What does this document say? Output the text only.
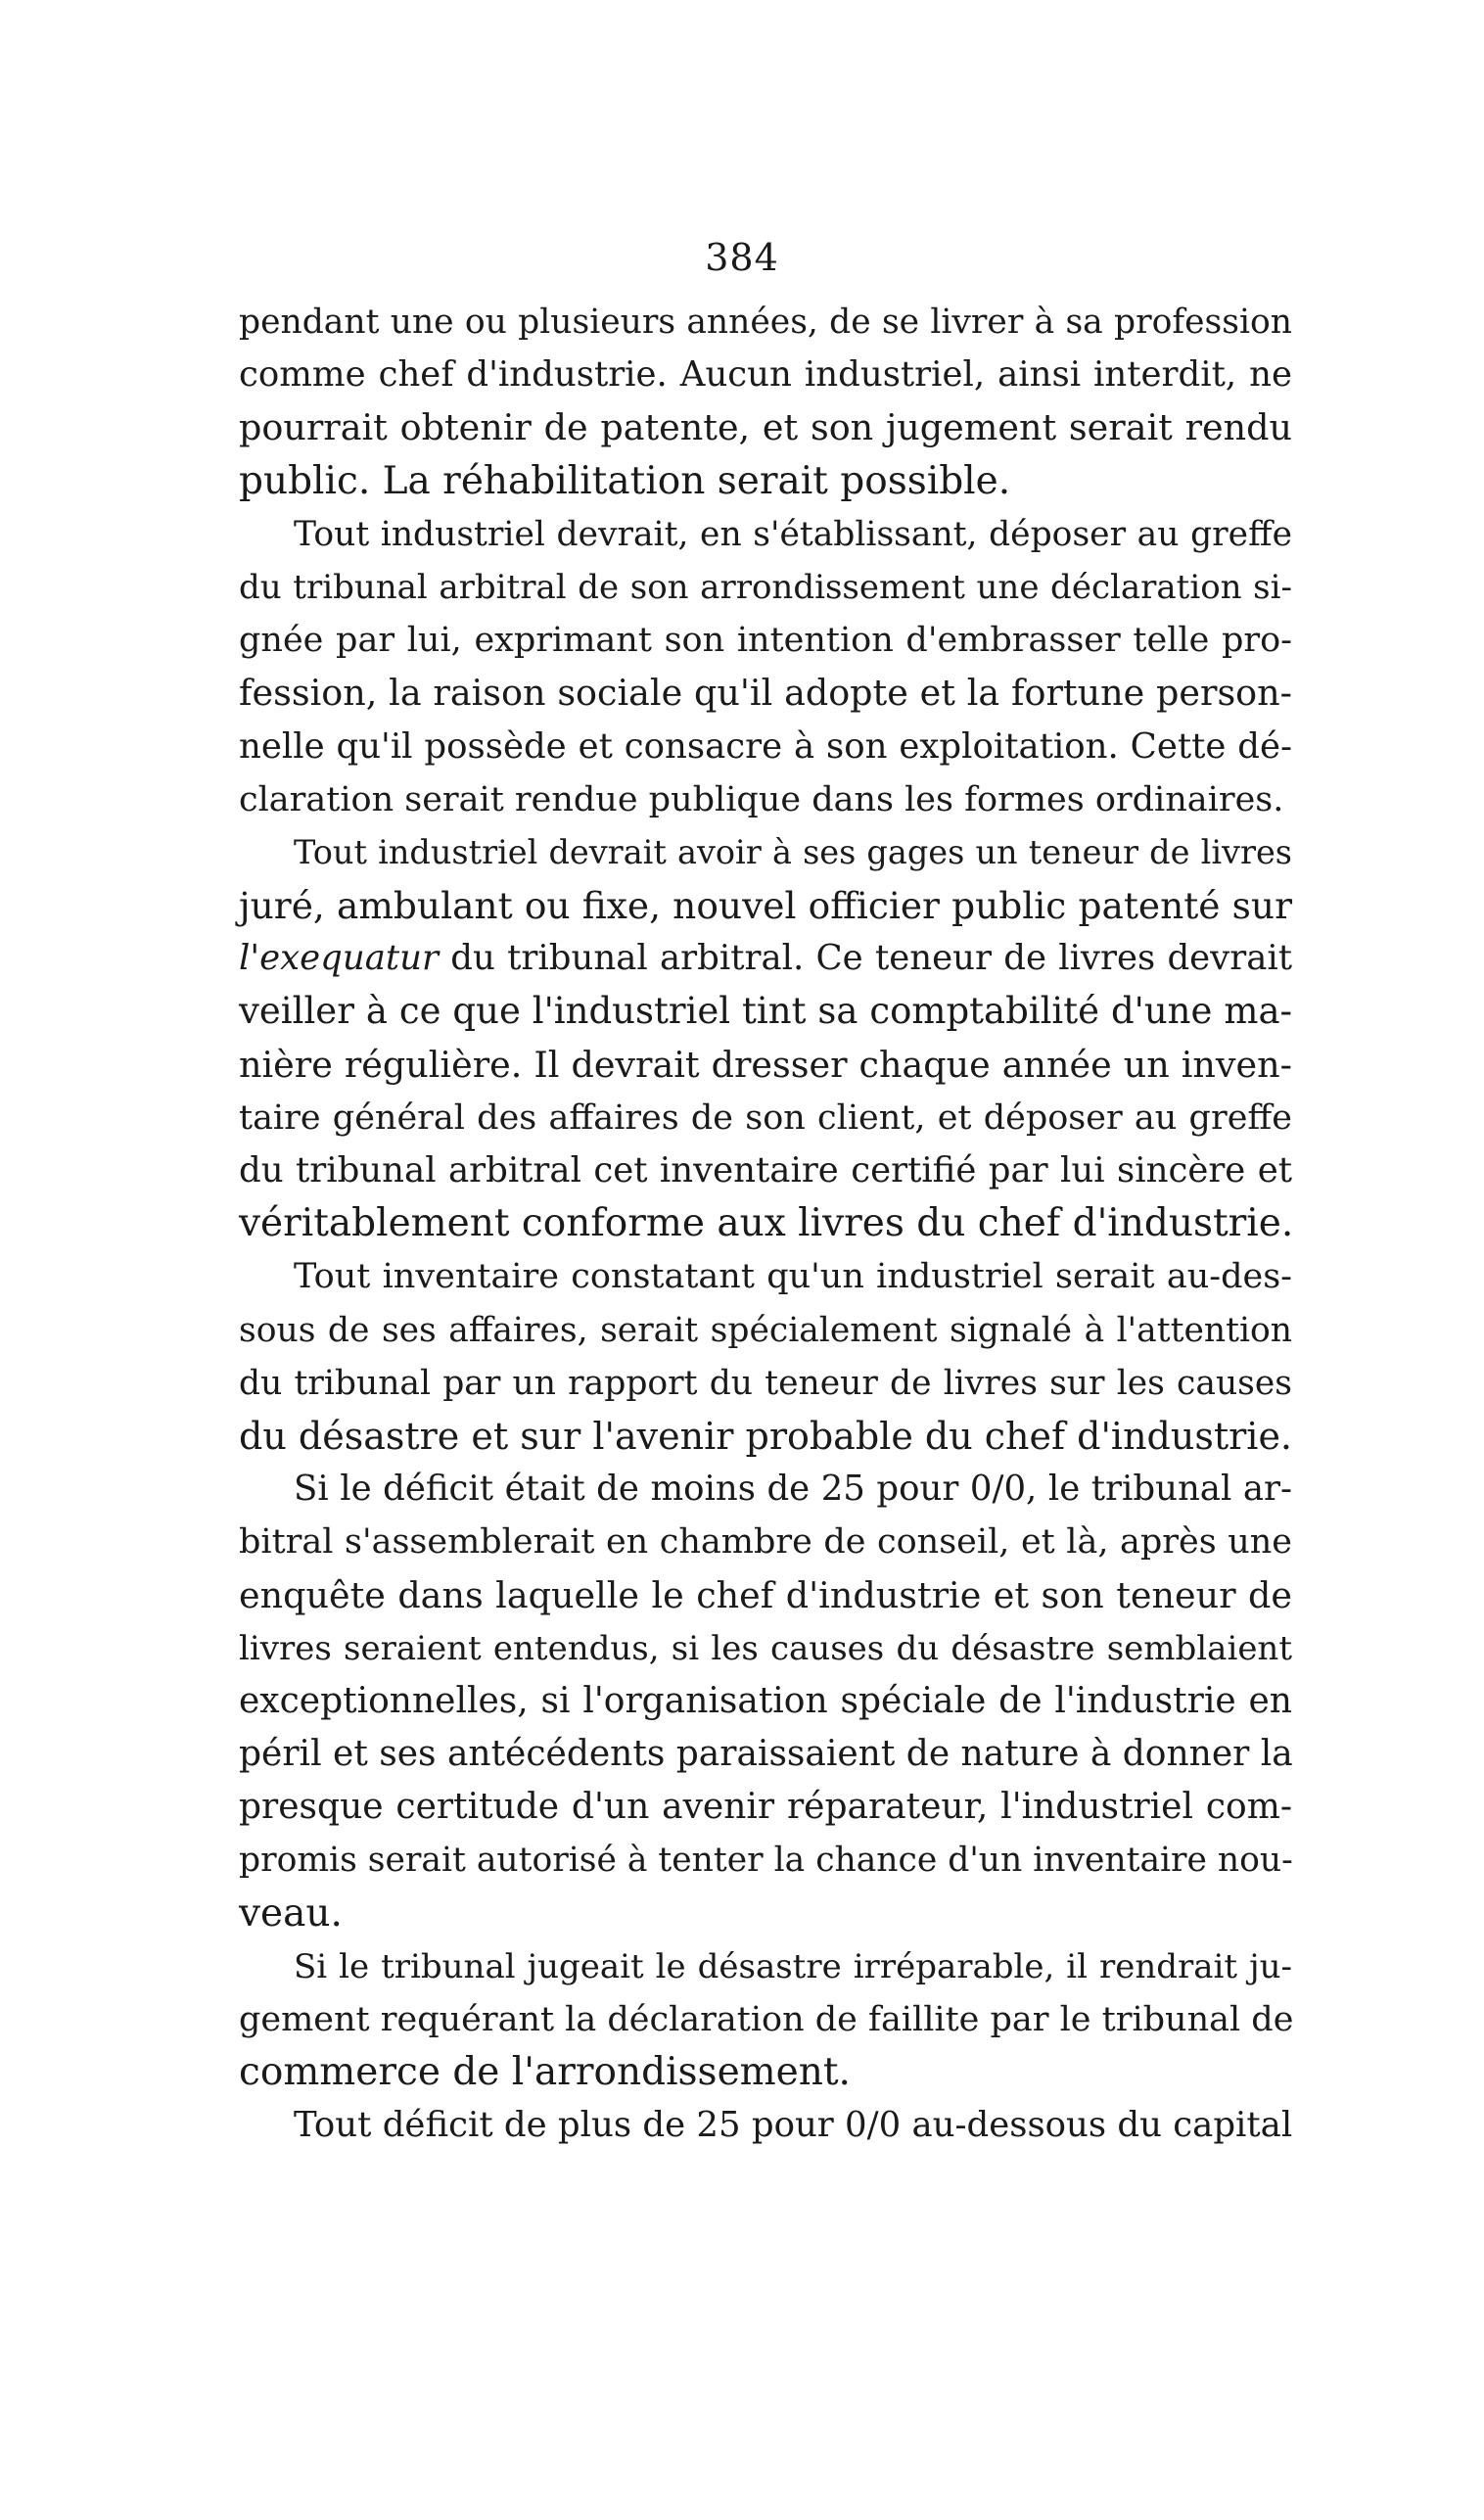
384
pendant une ou plusieurs années, de se livrer à sa profession
comme chef d'industrie. Aucun industriel, ainsi interdit, ne
pourrait obtenir de patente, et son jugement serait rendu
public. La réhabilitation serait possible.
Tout industriel devrait, en s'établissant, déposer au greffe
du tribunal arbitral de son arrondissement une déclaration si-
gnée par lui, exprimant son intention d'embrasser telle pro-
fession, la raison sociale qu'il adopte et la fortune person-
nelle qu'il possède et consacre à son exploitation. Cette dé-
claration serait rendue publique dans les formes ordinaires.
Tout industriel devrait avoir à ses gages un teneur de livres
juré, ambulant ou fixe, nouvel officier public patenté sur
l'exequatur du tribunal arbitral. Ce teneur de livres devrait
veiller à ce que l'industriel tint sa comptabilité d'une ma-
nière régulière. Il devrait dresser chaque année un inven-
taire général des affaires de son client, et déposer au greffe
du tribunal arbitral cet inventaire certifié par lui sincère et
véritablement conforme aux livres du chef d'industrie.
Tout inventaire constatant qu'un industriel serait au-des-
sous de ses affaires, serait spécialement signalé à l'attention
du tribunal par un rapport du teneur de livres sur les causes
du désastre et sur l'avenir probable du chef d'industrie.
Si le déficit était de moins de 25 pour 0/0, le tribunal ar-
bitral s'assemblerait en chambre de conseil, et là, après une
enquête dans laquelle le chef d'industrie et son teneur de
livres seraient entendus, si les causes du désastre semblaient
exceptionnelles, si l'organisation spéciale de l'industrie en
péril et ses antécédents paraissaient de nature à donner la
presque certitude d'un avenir réparateur, l'industriel com-
promis serait autorisé à tenter la chance d'un inventaire nou-
veau.
Si le tribunal jugeait le désastre irréparable, il rendrait ju-
gement requérant la déclaration de faillite par le tribunal de
commerce de l'arrondissement.
Tout déficit de plus de 25 pour 0/0 au-dessous du capital
